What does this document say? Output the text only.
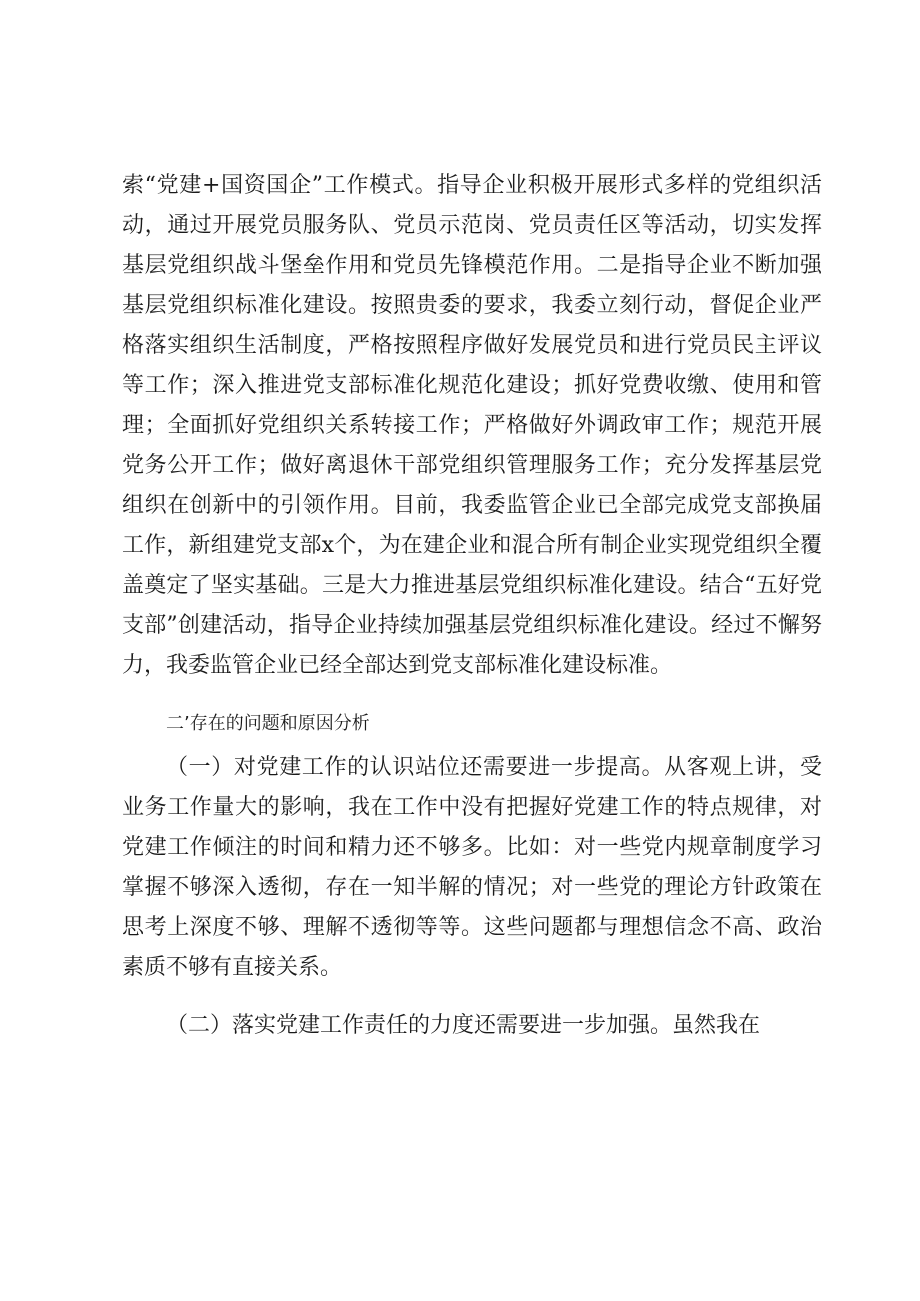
索“党建+国资国企”工作模式。指导企业积极开展形式多样的党组织活动，通过开展党员服务队、党员示范岗、党员责任区等活动，切实发挥基层党组织战斗堡垒作用和党员先锋模范作用。二是指导企业不断加强基层党组织标准化建设。按照贵委的要求，我委立刻行动，督促企业严格落实组织生活制度，严格按照程序做好发展党员和进行党员民主评议等工作；深入推进党支部标准化规范化建设；抓好党费收缴、使用和管理；全面抓好党组织关系转接工作；严格做好外调政审工作；规范开展党务公开工作；做好离退休干部党组织管理服务工作；充分发挥基层党组织在创新中的引领作用。目前，我委监管企业已全部完成党支部换届工作，新组建党支部x个，为在建企业和混合所有制企业实现党组织全覆盖奠定了坚实基础。三是大力推进基层党组织标准化建设。结合“五好党支部”创建活动，指导企业持续加强基层党组织标准化建设。经过不懈努力，我委监管企业已经全部达到党支部标准化建设标准。

二’存在的问题和原因分析

（一）对党建工作的认识站位还需要进一步提高。从客观上讲，受业务工作量大的影响，我在工作中没有把握好党建工作的特点规律，对党建工作倾注的时间和精力还不够多。比如：对一些党内规章制度学习掌握不够深入透彻，存在一知半解的情况；对一些党的理论方针政策在思考上深度不够、理解不透彻等等。这些问题都与理想信念不高、政治素质不够有直接关系。

（二）落实党建工作责任的力度还需要进一步加强。虽然我在
